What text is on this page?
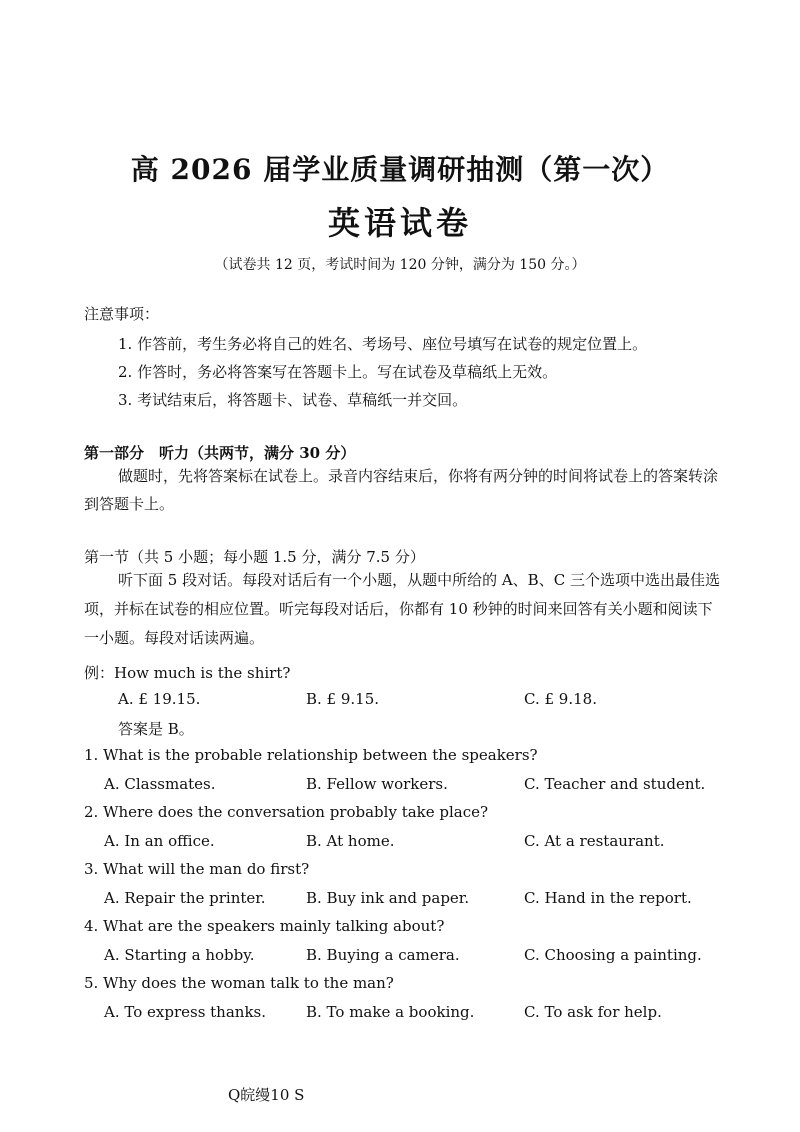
高 2026 届学业质量调研抽测（第一次）
英语试卷
（试卷共 12 页，考试时间为 120 分钟，满分为 150 分。）
注意事项：
1. 作答前，考生务必将自己的姓名、考场号、座位号填写在试卷的规定位置上。
2. 作答时，务必将答案写在答题卡上。写在试卷及草稿纸上无效。
3. 考试结束后，将答题卡、试卷、草稿纸一并交回。
第一部分　听力（共两节，满分 30 分）
做题时，先将答案标在试卷上。录音内容结束后，你将有两分钟的时间将试卷上的答案转涂到答题卡上。
第一节（共 5 小题；每小题 1.5 分，满分 7.5 分）
听下面 5 段对话。每段对话后有一个小题，从题中所给的 A、B、C 三个选项中选出最佳选项，并标在试卷的相应位置。听完每段对话后，你都有 10 秒钟的时间来回答有关小题和阅读下一小题。每段对话读两遍。
例：How much is the shirt?
A. £ 19.15.	B. £ 9.15.	C. £ 9.18.
答案是 B。
1. What is the probable relationship between the speakers?
A. Classmates.	B. Fellow workers.	C. Teacher and student.
2. Where does the conversation probably take place?
A. In an office.	B. At home.	C. At a restaurant.
3. What will the man do first?
A. Repair the printer.	B. Buy ink and paper.	C. Hand in the report.
4. What are the speakers mainly talking about?
A. Starting a hobby.	B. Buying a camera.	C. Choosing a painting.
5. Why does the woman talk to the man?
A. To express thanks.	B. To make a booking.	C. To ask for help.
Q皖缦10 S
